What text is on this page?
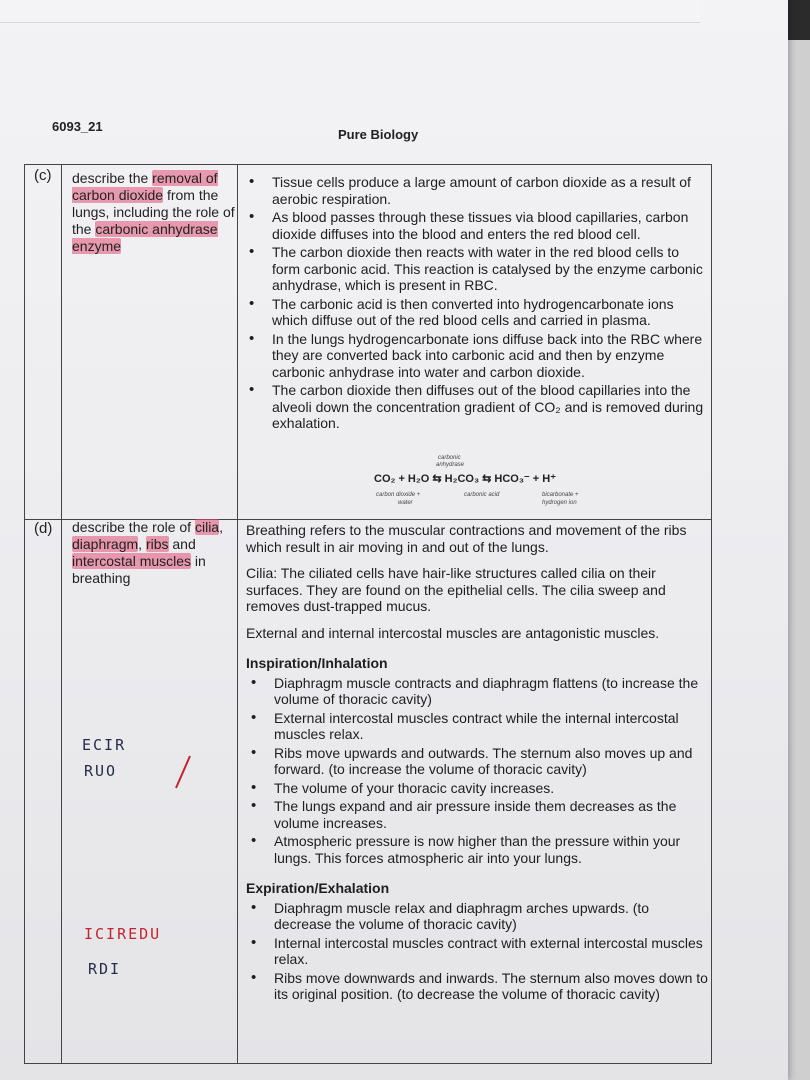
6093_21
Pure Biology
(c) describe the removal of carbon dioxide from the lungs, including the role of the carbonic anhydrase enzyme
• Tissue cells produce a large amount of carbon dioxide as a result of aerobic respiration.
• As blood passes through these tissues via blood capillaries, carbon dioxide diffuses into the blood and enters the red blood cell.
• The carbon dioxide then reacts with water in the red blood cells to form carbonic acid. This reaction is catalysed by the enzyme carbonic anhydrase, which is present in RBC.
• The carbonic acid is then converted into hydrogencarbonate ions which diffuse out of the red blood cells and carried in plasma.
• In the lungs hydrogencarbonate ions diffuse back into the RBC where they are converted back into carbonic acid and then by enzyme carbonic anhydrase into water and carbon dioxide.
• The carbon dioxide then diffuses out of the blood capillaries into the alveoli down the concentration gradient of CO₂ and is removed during exhalation.
carbonic
anhydrase
CO₂ + H₂O ⇆ H₂CO₃ ⇆ HCO₃⁻ + H⁺
carbon dioxide +
water
carbonic acid	bicarbonate +
hydrogen ion
(d) describe the role of cilia, diaphragm, ribs and intercostal muscles in breathing

Breathing refers to the muscular contractions and movement of the ribs which result in air moving in and out of the lungs.

Cilia: The ciliated cells have hair-like structures called cilia on their surfaces. They are found on the epithelial cells. The cilia sweep and removes dust-trapped mucus.

External and internal intercostal muscles are antagonistic muscles.

Inspiration/Inhalation
• Diaphragm muscle contracts and diaphragm flattens (to increase the volume of thoracic cavity)
• External intercostal muscles contract while the internal intercostal muscles relax.
• Ribs move upwards and outwards. The sternum also moves up and forward. (to increase the volume of thoracic cavity)
• The volume of your thoracic cavity increases.
• The lungs expand and air pressure inside them decreases as the volume increases.
• Atmospheric pressure is now higher than the pressure within your lungs. This forces atmospheric air into your lungs.
Expiration/Exhalation
• Diaphragm muscle relax and diaphragm arches upwards. (to decrease the volume of thoracic cavity)
• Internal intercostal muscles contract with external intercostal muscles relax.
• Ribs move downwards and inwards. The sternum also moves down to its original position. (to decrease the volume of thoracic cavity)
ECIR
RUO
ICIREDU
RDI
